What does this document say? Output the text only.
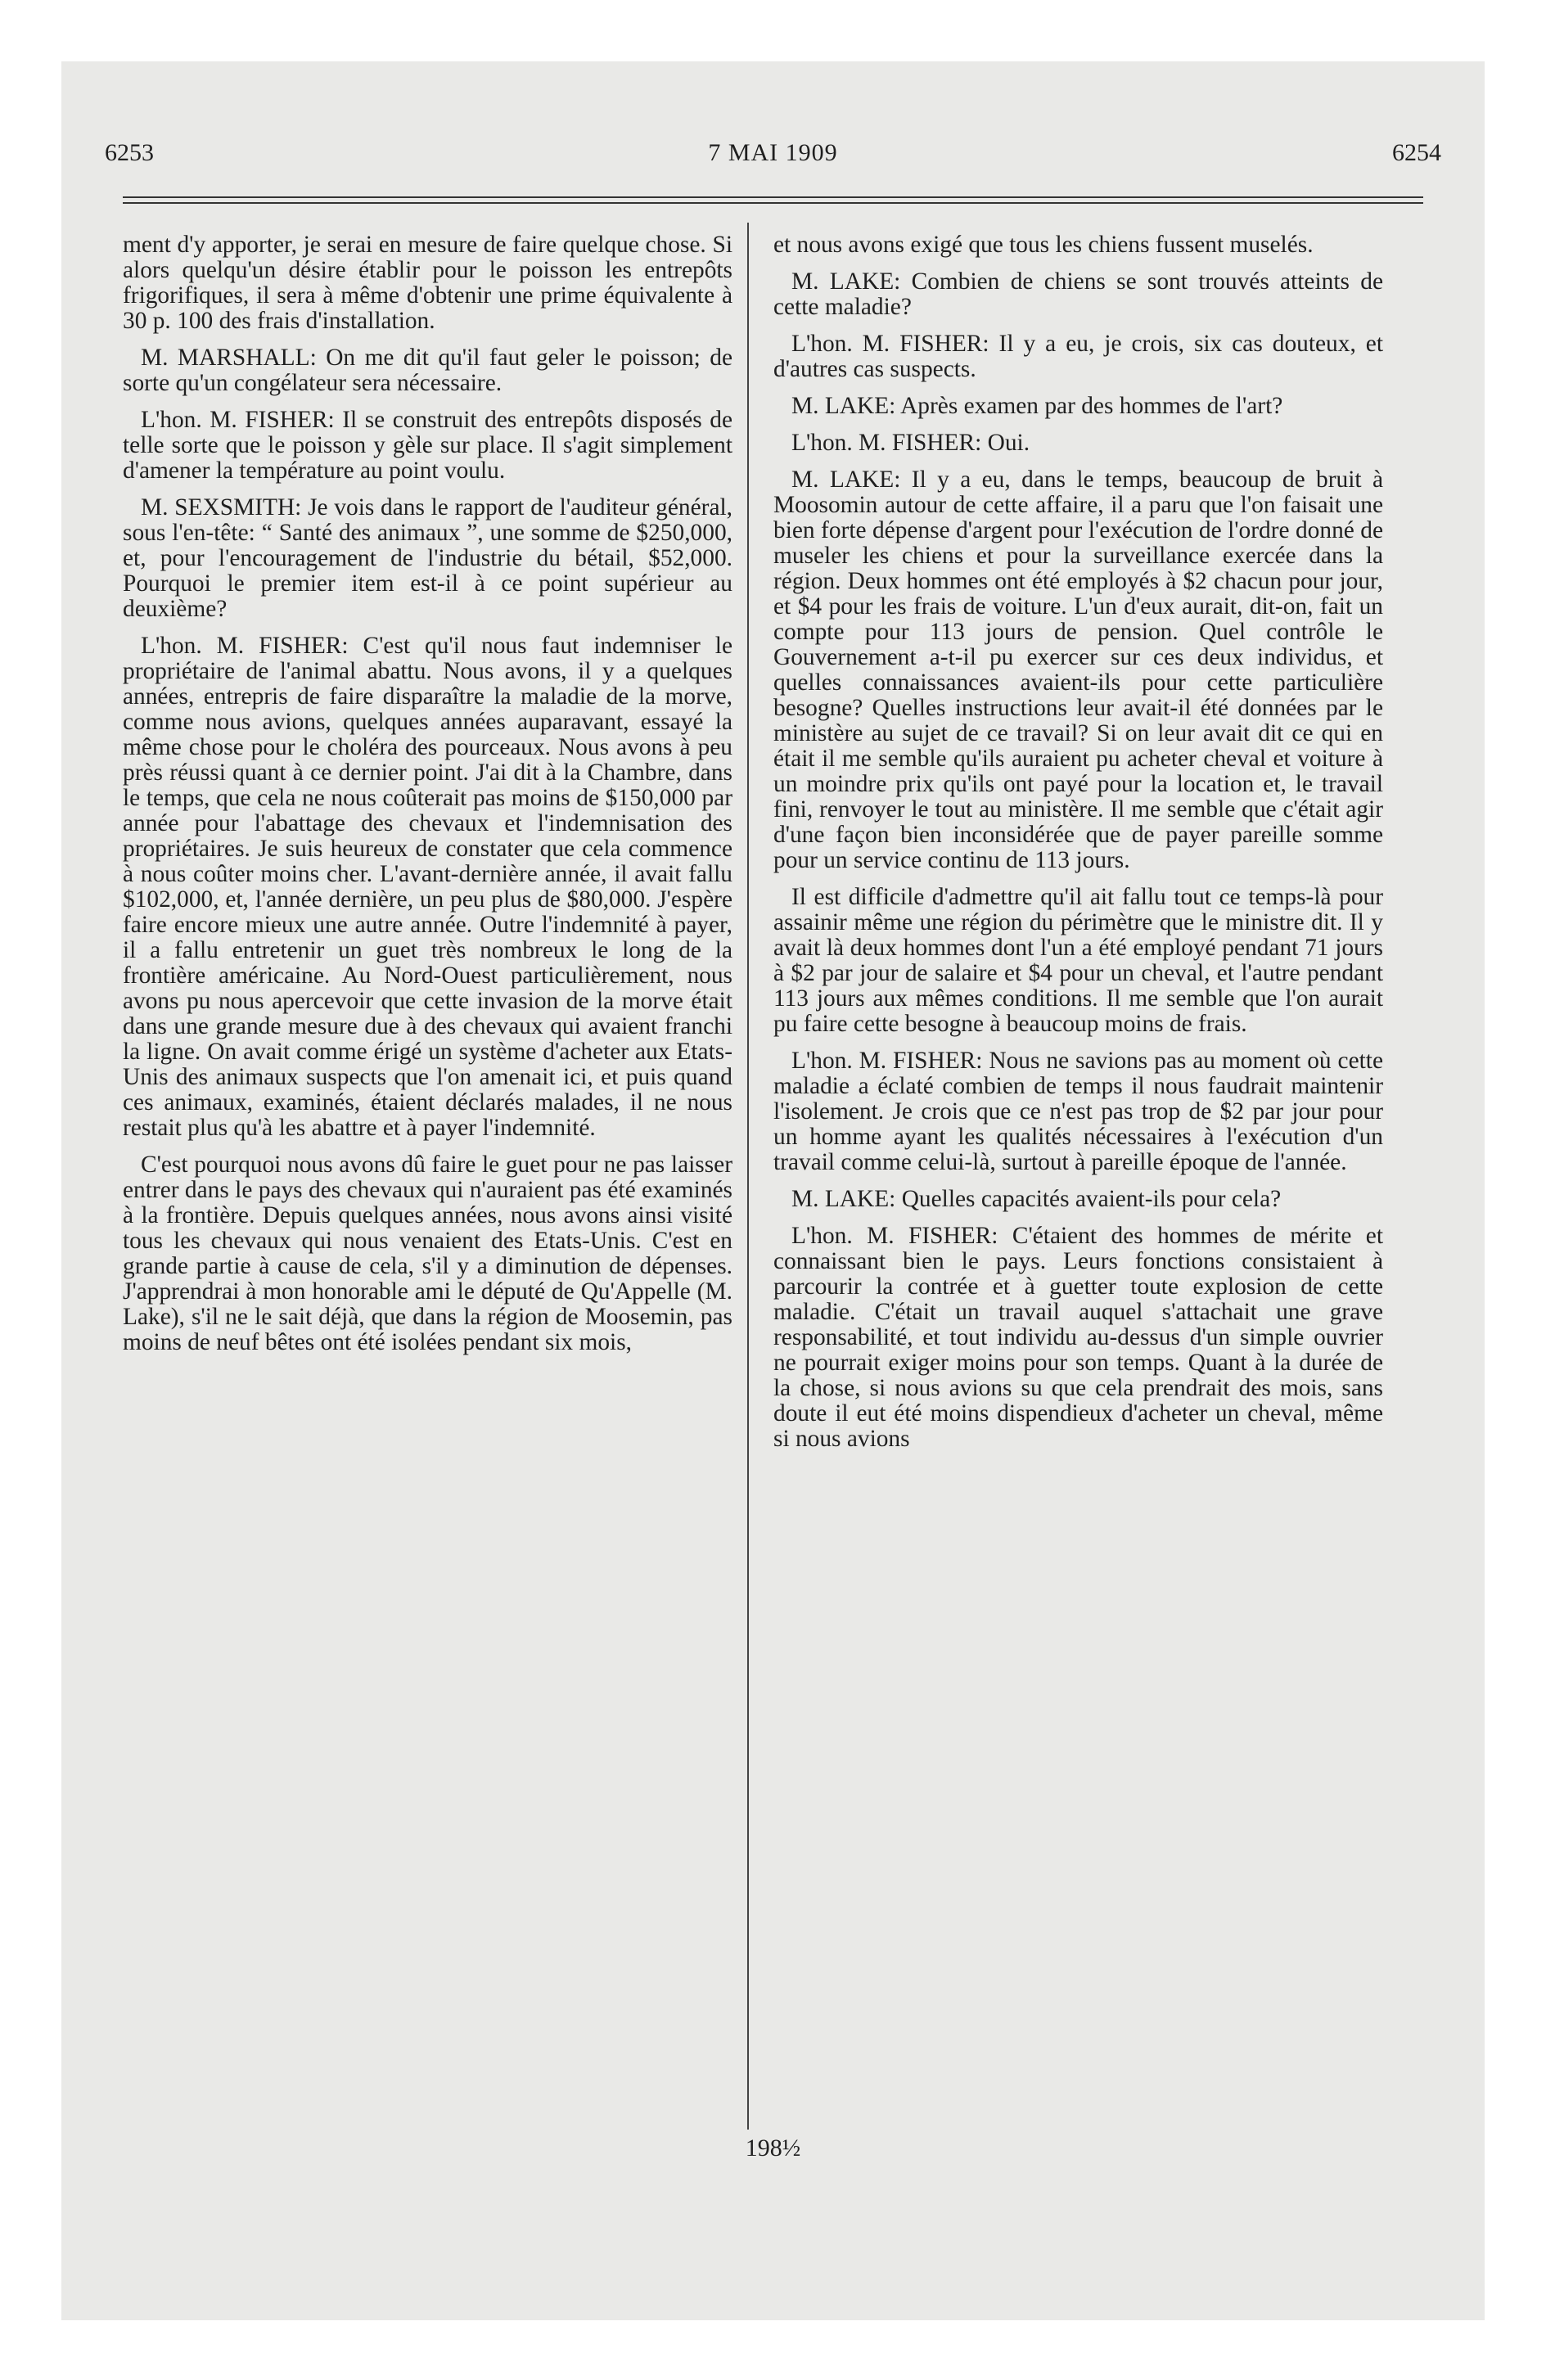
6253	7 MAI 1909	6254

ment d'y apporter, je serai en mesure de faire quelque chose. Si alors quelqu'un désire établir pour le poisson les entrepôts frigorifiques, il sera à même d'obtenir une prime équivalente à 30 p. 100 des frais d'installation.

M. MARSHALL: On me dit qu'il faut geler le poisson; de sorte qu'un congélateur sera nécessaire.

L'hon. M. FISHER: Il se construit des entrepôts disposés de telle sorte que le poisson y gèle sur place. Il s'agit simplement d'amener la température au point voulu.

M. SEXSMITH: Je vois dans le rapport de l'auditeur général, sous l'en-tête: “ Santé des animaux ”, une somme de $250,000, et, pour l'encouragement de l'industrie du bétail, $52,000. Pourquoi le premier item est-il à ce point supérieur au deuxième?

L'hon. M. FISHER: C'est qu'il nous faut indemniser le propriétaire de l'animal abattu. Nous avons, il y a quelques années, entrepris de faire disparaître la maladie de la morve, comme nous avions, quelques années auparavant, essayé la même chose pour le choléra des pourceaux. Nous avons à peu près réussi quant à ce dernier point. J'ai dit à la Chambre, dans le temps, que cela ne nous coûterait pas moins de $150,000 par année pour l'abattage des chevaux et l'indemnisation des propriétaires. Je suis heureux de constater que cela commence à nous coûter moins cher. L'avant-dernière année, il avait fallu $102,000, et, l'année dernière, un peu plus de $80,000. J'espère faire encore mieux une autre année. Outre l'indemnité à payer, il a fallu entretenir un guet très nombreux le long de la frontière américaine. Au Nord-Ouest particulièrement, nous avons pu nous apercevoir que cette invasion de la morve était dans une grande mesure due à des chevaux qui avaient franchi la ligne. On avait comme érigé un système d'acheter aux Etats-Unis des animaux suspects que l'on amenait ici, et puis quand ces animaux, examinés, étaient déclarés malades, il ne nous restait plus qu'à les abattre et à payer l'indemnité.

C'est pourquoi nous avons dû faire le guet pour ne pas laisser entrer dans le pays des chevaux qui n'auraient pas été examinés à la frontière. Depuis quelques années, nous avons ainsi visité tous les chevaux qui nous venaient des Etats-Unis. C'est en grande partie à cause de cela, s'il y a diminution de dépenses. J'apprendrai à mon honorable ami le député de Qu'Appelle (M. Lake), s'il ne le sait déjà, que dans la région de Moosemin, pas moins de neuf bêtes ont été isolées pendant six mois,

et nous avons exigé que tous les chiens fussent muselés.

M. LAKE: Combien de chiens se sont trouvés atteints de cette maladie?

L'hon. M. FISHER: Il y a eu, je crois, six cas douteux, et d'autres cas suspects.

M. LAKE: Après examen par des hommes de l'art?

L'hon. M. FISHER: Oui.

M. LAKE: Il y a eu, dans le temps, beaucoup de bruit à Moosomin autour de cette affaire, il a paru que l'on faisait une bien forte dépense d'argent pour l'exécution de l'ordre donné de museler les chiens et pour la surveillance exercée dans la région. Deux hommes ont été employés à $2 chacun pour jour, et $4 pour les frais de voiture. L'un d'eux aurait, dit-on, fait un compte pour 113 jours de pension. Quel contrôle le Gouvernement a-t-il pu exercer sur ces deux individus, et quelles connaissances avaient-ils pour cette particulière besogne? Quelles instructions leur avait-il été données par le ministère au sujet de ce travail? Si on leur avait dit ce qui en était il me semble qu'ils auraient pu acheter cheval et voiture à un moindre prix qu'ils ont payé pour la location et, le travail fini, renvoyer le tout au ministère. Il me semble que c'était agir d'une façon bien inconsidérée que de payer pareille somme pour un service continu de 113 jours.

Il est difficile d'admettre qu'il ait fallu tout ce temps-là pour assainir même une région du périmètre que le ministre dit. Il y avait là deux hommes dont l'un a été employé pendant 71 jours à $2 par jour de salaire et $4 pour un cheval, et l'autre pendant 113 jours aux mêmes conditions. Il me semble que l'on aurait pu faire cette besogne à beaucoup moins de frais.

L'hon. M. FISHER: Nous ne savions pas au moment où cette maladie a éclaté combien de temps il nous faudrait maintenir l'isolement. Je crois que ce n'est pas trop de $2 par jour pour un homme ayant les qualités nécessaires à l'exécution d'un travail comme celui-là, surtout à pareille époque de l'année.

M. LAKE: Quelles capacités avaient-ils pour cela?

L'hon. M. FISHER: C'étaient des hommes de mérite et connaissant bien le pays. Leurs fonctions consistaient à parcourir la contrée et à guetter toute explosion de cette maladie. C'était un travail auquel s'attachait une grave responsabilité, et tout individu au-dessus d'un simple ouvrier ne pourrait exiger moins pour son temps. Quant à la durée de la chose, si nous avions su que cela prendrait des mois, sans doute il eut été moins dispendieux d'acheter un cheval, même si nous avions

198½
